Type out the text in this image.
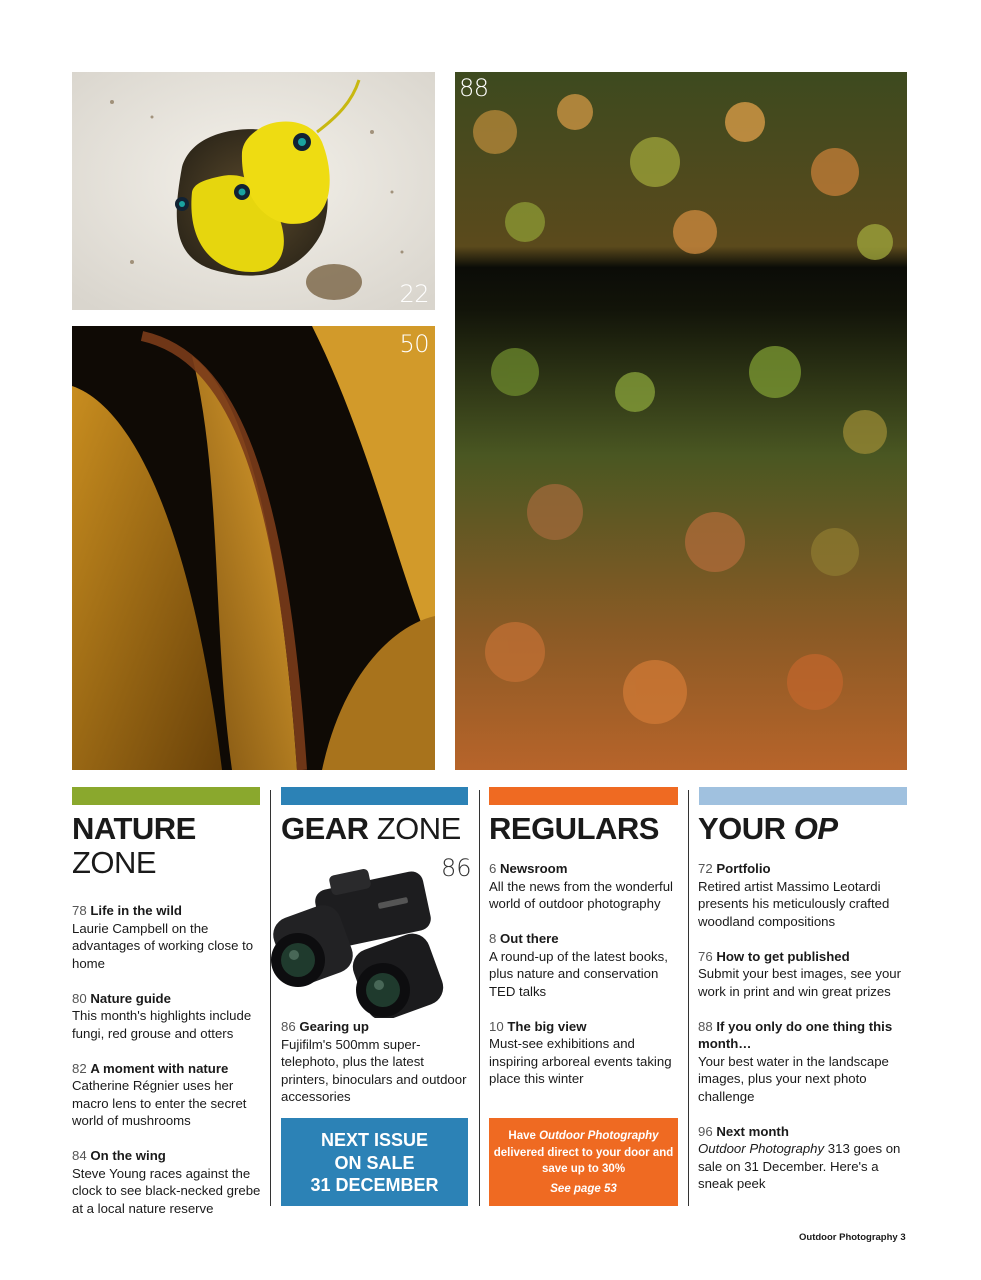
22
50
88
NATURE
ZONE
78 Life in the wild
Laurie Campbell on the advantages of working close to home
80 Nature guide
This month's highlights include fungi, red grouse and otters
82 A moment with nature
Catherine Régnier uses her macro lens to enter the secret world of mushrooms
84 On the wing
Steve Young races against the clock to see black-necked grebe at a local nature reserve
GEAR ZONE
86
86 Gearing up
Fujifilm's 500mm super-telephoto, plus the latest printers, binoculars and outdoor accessories
NEXT ISSUE
ON SALE
31 DECEMBER
REGULARS
6 Newsroom
All the news from the wonderful world of outdoor photography
8 Out there
A round-up of the latest books, plus nature and conservation TED talks
10 The big view
Must-see exhibitions and inspiring arboreal events taking place this winter
Have Outdoor Photography
delivered direct to your door and save up to 30%
See page 53
YOUR OP
72 Portfolio
Retired artist Massimo Leotardi presents his meticulously crafted woodland compositions
76 How to get published
Submit your best images, see your work in print and win great prizes
88 If you only do one thing this month…
Your best water in the landscape images, plus your next photo challenge
96 Next month
Outdoor Photography 313 goes on sale on 31 December. Here's a sneak peek
Outdoor Photography 3
